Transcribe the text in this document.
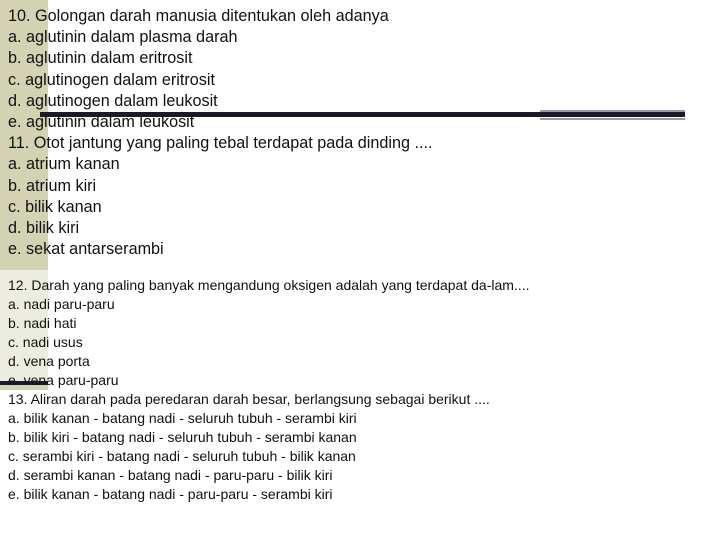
10. Golongan darah manusia ditentukan oleh adanya
a. aglutinin dalam plasma darah
b. aglutinin dalam eritrosit
c. aglutinogen dalam eritrosit
d. aglutinogen dalam leukosit
e. aglutinin dalam leukosit
11. Otot jantung yang paling tebal terdapat pada dinding ....
a. atrium kanan
b. atrium kiri
c. bilik kanan
d. bilik kiri
e. sekat antarserambi
12. Darah yang paling banyak mengandung oksigen adalah yang terdapat da-lam....
a. nadi paru-paru
b. nadi hati
c. nadi usus
d. vena porta
e. vena paru-paru
13. Aliran darah pada peredaran darah besar, berlangsung sebagai berikut ....
a. bilik kanan - batang nadi - seluruh tubuh - serambi kiri
b. bilik kiri - batang nadi - seluruh tubuh - serambi kanan
c. serambi kiri - batang nadi - seluruh tubuh - bilik kanan
d. serambi kanan - batang nadi - paru-paru - bilik kiri
e. bilik kanan - batang nadi - paru-paru - serambi kiri
